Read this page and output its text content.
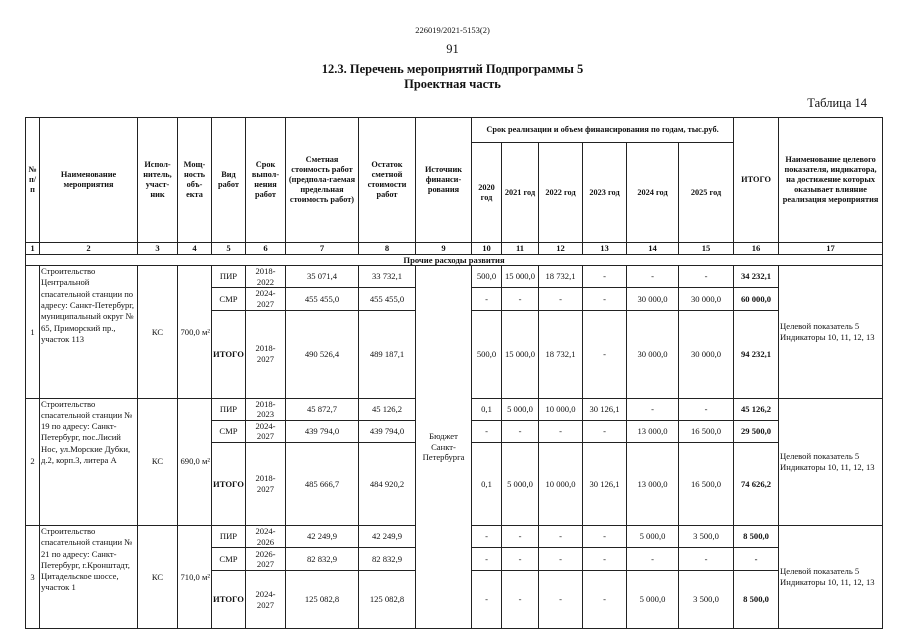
226019/2021-5153(2)
91
12.3. Перечень мероприятий Подпрограммы 5
Проектная часть
Таблица 14
№ п/п	Наименование мероприятия	Испол-нитель, участ-ник	Мощ-ность объ-екта	Вид работ	Срок выпол-нения работ	Сметная стоимость работ (предпола-гаемая предельная стоимость работ)	Остаток сметной стоимости работ	Источник финанси-рования	Срок реализации и объем финансирования по годам, тыс.руб.						ИТОГО	Наименование целевого показателя, индикатора, на достижение которых оказывает влияние реализация мероприятия
									2020 год	2021 год	2022 год	2023 год	2024 год	2025 год		
1	2	3	4	5	6	7	8	9	10	11	12	13	14	15	16	17
Прочие расходы развития																
1	Строительство Центральной спасательной станции по адресу: Санкт-Петербург, муниципальный округ № 65, Приморский пр., участок 113	КС	700,0 м²	ПИР	2018-2022	35 071,4	33 732,1	Бюджет Санкт-Петербурга	500,0	15 000,0	18 732,1	-	-	-	34 232,1	Целевой показатель 5 Индикаторы 10, 11, 12, 13
				СМР	2024-2027	455 455,0	455 455,0		-	-	-	-	30 000,0	30 000,0	60 000,0	
				ИТОГО	2018-2027	490 526,4	489 187,1		500,0	15 000,0	18 732,1	-	30 000,0	30 000,0	94 232,1	
2	Строительство спасательной станции № 19 по адресу: Санкт-Петербург, пос.Лисий Нос, ул.Морские Дубки, д.2, корп.3, литера А	КС	690,0 м²	ПИР	2018-2023	45 872,7	45 126,2		0,1	5 000,0	10 000,0	30 126,1	-	-	45 126,2	Целевой показатель 5 Индикаторы 10, 11, 12, 13
				СМР	2024-2027	439 794,0	439 794,0		-	-	-	-	13 000,0	16 500,0	29 500,0	
				ИТОГО	2018-2027	485 666,7	484 920,2		0,1	5 000,0	10 000,0	30 126,1	13 000,0	16 500,0	74 626,2	
3	Строительство спасательной станции № 21 по адресу: Санкт-Петербург, г.Кронштадт, Цитадельское шоссе, участок 1	КС	710,0 м²	ПИР	2024-2026	42 249,9	42 249,9		-	-	-	-	5 000,0	3 500,0	8 500,0	Целевой показатель 5 Индикаторы 10, 11, 12, 13
				СМР	2026-2027	82 832,9	82 832,9		-	-	-	-	-	-	-	
				ИТОГО	2024-2027	125 082,8	125 082,8		-	-	-	-	5 000,0	3 500,0	8 500,0	
